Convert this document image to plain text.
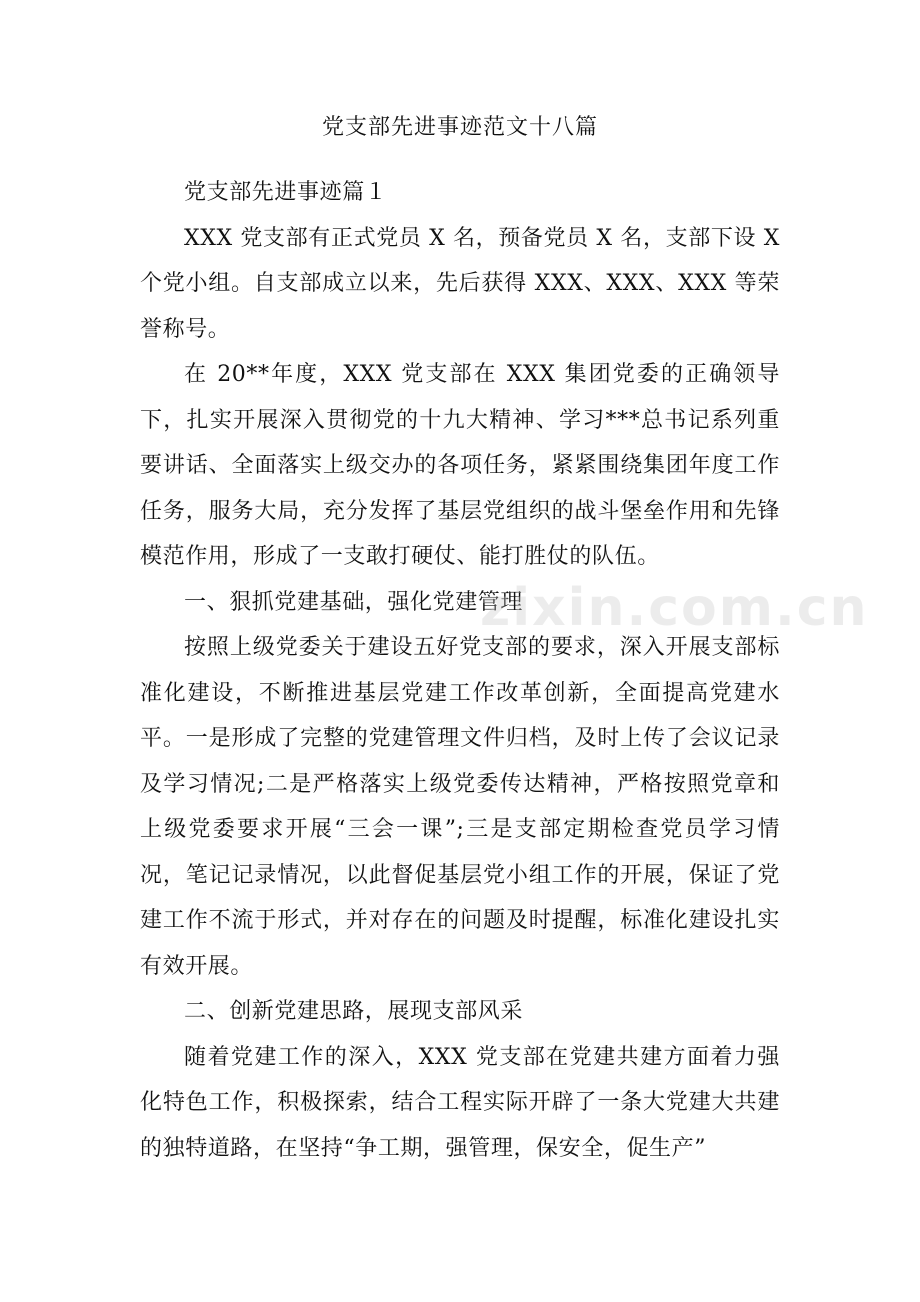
党支部先进事迹范文十八篇

党支部先进事迹篇１

XXX 党支部有正式党员 X 名，预备党员 X 名，支部下设 X 个党小组。自支部成立以来，先后获得 XXX、XXX、XXX 等荣誉称号。

在 20**年度，XXX 党支部在 XXX 集团党委的正确领导下，扎实开展深入贯彻党的十九大精神、学习***总书记系列重要讲话、全面落实上级交办的各项任务，紧紧围绕集团年度工作任务，服务大局，充分发挥了基层党组织的战斗堡垒作用和先锋模范作用，形成了一支敢打硬仗、能打胜仗的队伍。

一、狠抓党建基础，强化党建管理

按照上级党委关于建设五好党支部的要求，深入开展支部标准化建设，不断推进基层党建工作改革创新，全面提高党建水平。一是形成了完整的党建管理文件归档，及时上传了会议记录及学习情况;二是严格落实上级党委传达精神，严格按照党章和上级党委要求开展“三会一课”;三是支部定期检查党员学习情况，笔记记录情况，以此督促基层党小组工作的开展，保证了党建工作不流于形式，并对存在的问题及时提醒，标准化建设扎实有效开展。

二、创新党建思路，展现支部风采

随着党建工作的深入，XXX 党支部在党建共建方面着力强化特色工作，积极探索，结合工程实际开辟了一条大党建大共建的独特道路，在坚持“争工期，强管理，保安全，促生产”

zixin.com.cn
